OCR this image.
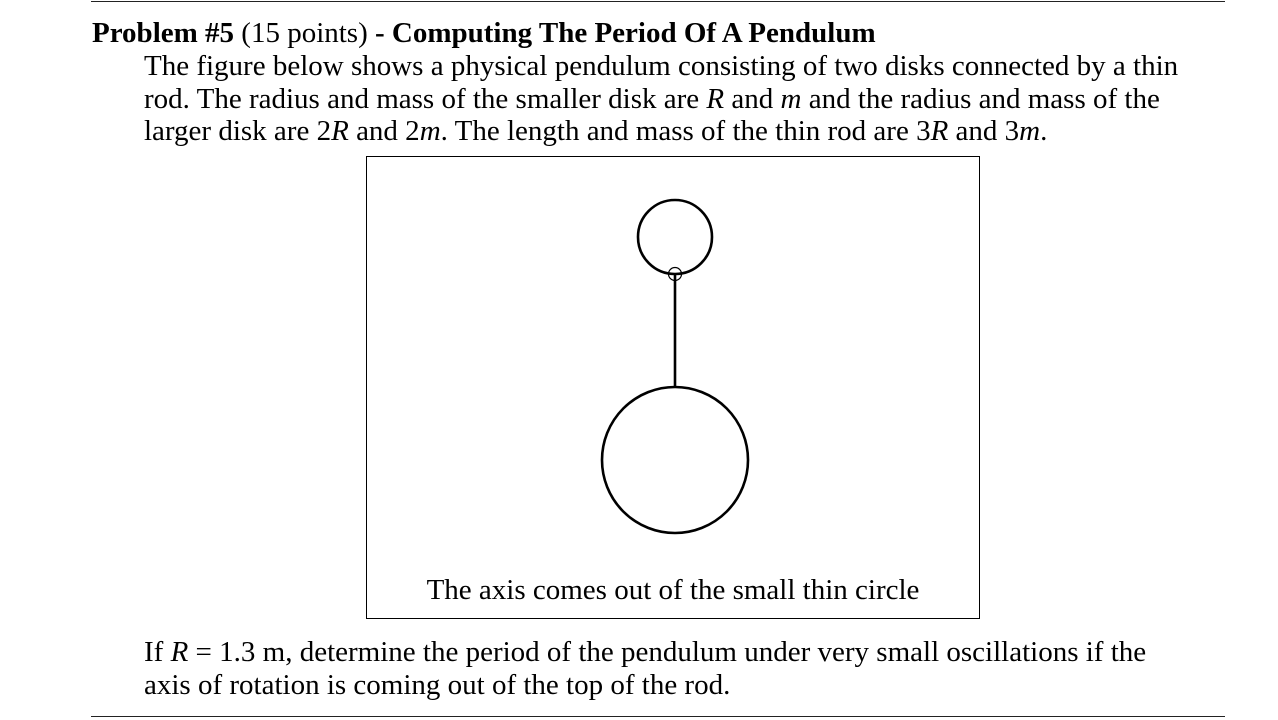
Problem #5 (15 points) - Computing The Period Of A Pendulum
The figure below shows a physical pendulum consisting of two disks connected by a thin
rod. The radius and mass of the smaller disk are R and m and the radius and mass of the
larger disk are 2R and 2m. The length and mass of the thin rod are 3R and 3m.
The axis comes out of the small thin circle
If R = 1.3 m, determine the period of the pendulum under very small oscillations if the
axis of rotation is coming out of the top of the rod.
